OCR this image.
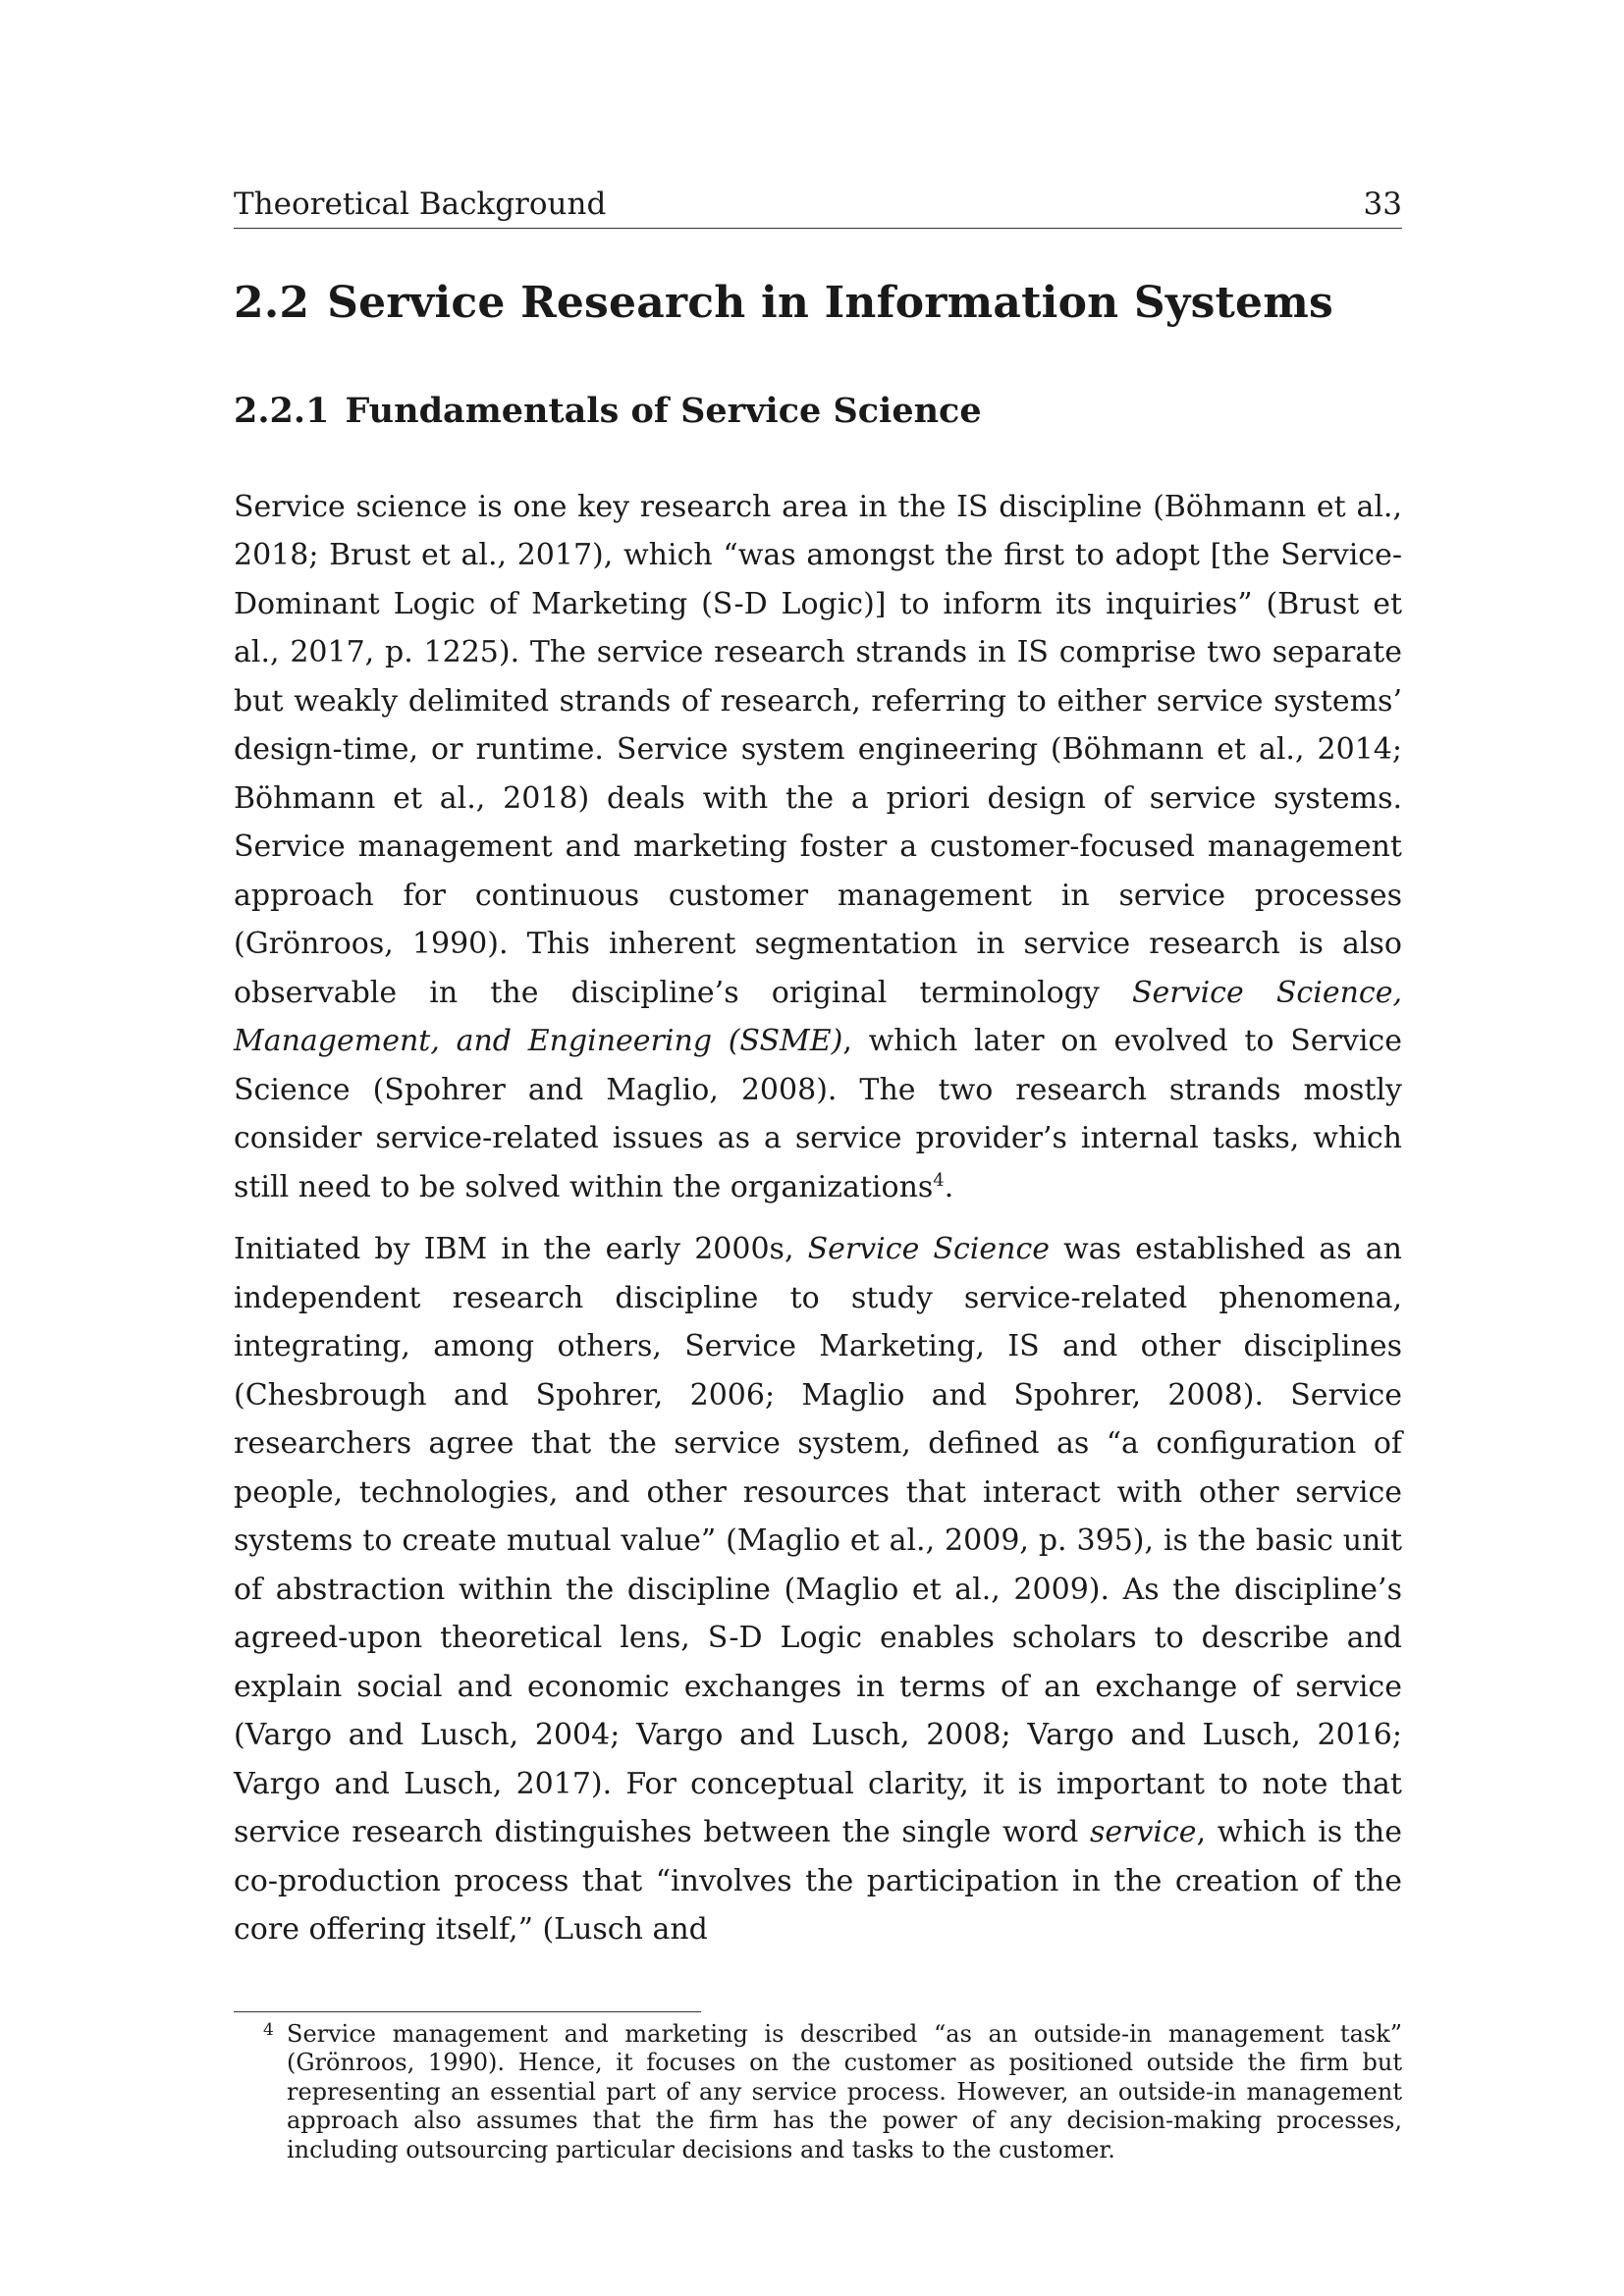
Theoretical Background	33
2.2 Service Research in Information Systems
2.2.1 Fundamentals of Service Science

Service science is one key research area in the IS discipline (Böhmann et al., 2018; Brust et al., 2017), which “was amongst the first to adopt [the Service-Dominant Logic of Marketing (S-D Logic)] to inform its inquiries” (Brust et al., 2017, p. 1225). The service research strands in IS comprise two separate but weakly delimited strands of research, referring to either service systems’ design-time, or runtime. Service system engineering (Böhmann et al., 2014; Böhmann et al., 2018) deals with the a priori design of service systems. Service management and marketing foster a customer-focused management approach for continuous customer management in service processes (Grönroos, 1990). This inherent segmentation in service research is also observable in the discipline’s original terminology Service Science, Management, and Engineering (SSME), which later on evolved to Service Science (Spohrer and Maglio, 2008). The two research strands mostly consider service-related issues as a service provider’s internal tasks, which still need to be solved within the organizations$^4$.

Initiated by IBM in the early 2000s, Service Science was established as an independent research discipline to study service-related phenomena, integrating, among others, Service Marketing, IS and other disciplines (Chesbrough and Spohrer, 2006; Maglio and Spohrer, 2008). Service researchers agree that the service system, defined as “a configuration of people, technologies, and other resources that interact with other service systems to create mutual value” (Maglio et al., 2009, p. 395), is the basic unit of abstraction within the discipline (Maglio et al., 2009). As the discipline’s agreed-upon theoretical lens, S-D Logic enables scholars to describe and explain social and economic exchanges in terms of an exchange of service (Vargo and Lusch, 2004; Vargo and Lusch, 2008; Vargo and Lusch, 2016; Vargo and Lusch, 2017). For conceptual clarity, it is important to note that service research distinguishes between the single word service, which is the co-production process that “involves the participation in the creation of the core offering itself,” (Lusch and

4 Service management and marketing is described “as an outside-in management task” (Grönroos, 1990). Hence, it focuses on the customer as positioned outside the firm but representing an essential part of any service process. However, an outside-in management approach also assumes that the firm has the power of any decision-making processes, including outsourcing particular decisions and tasks to the customer.
